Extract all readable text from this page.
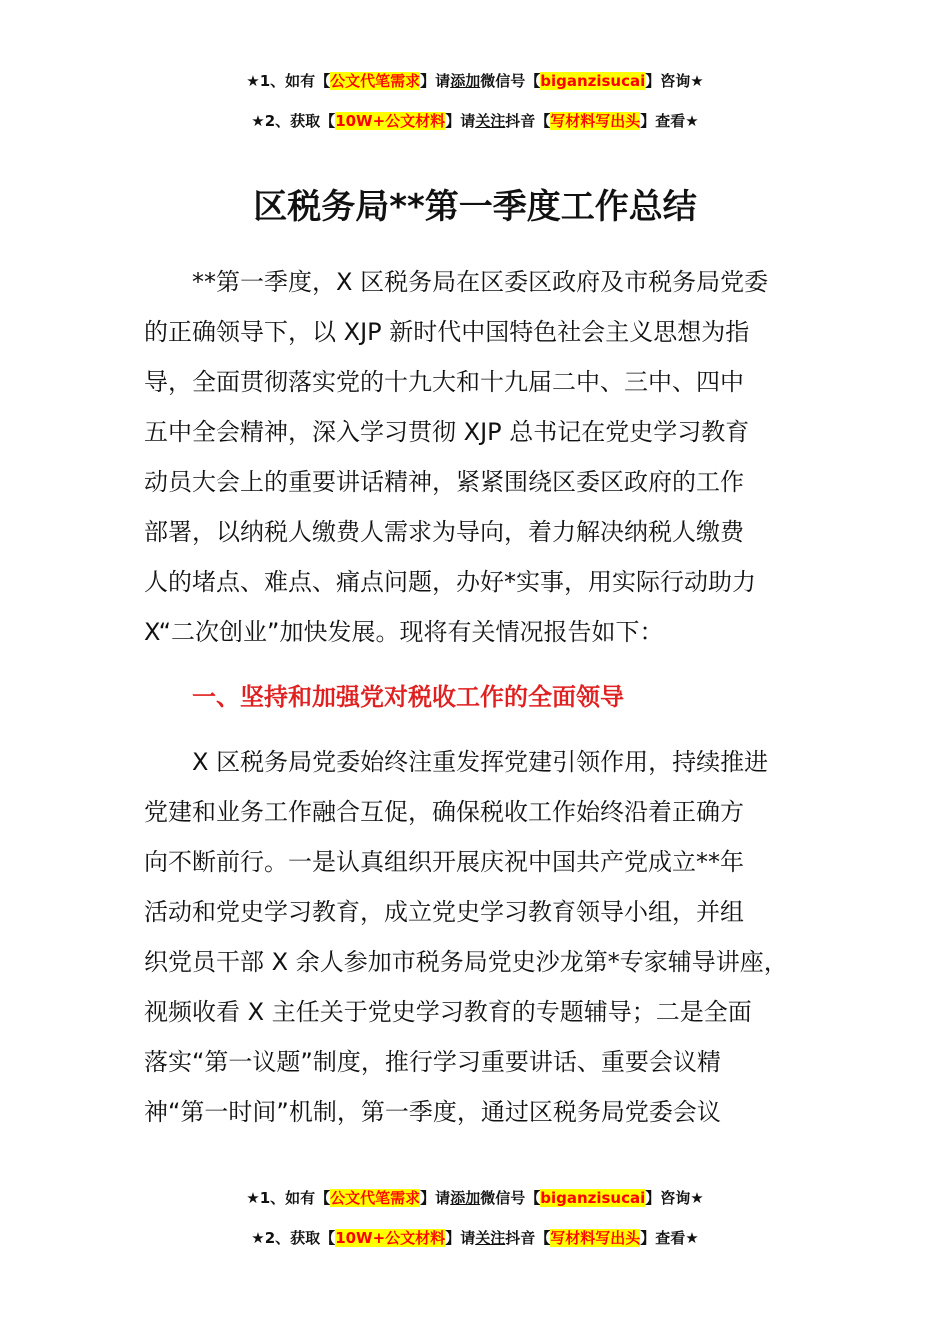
★1、如有【公文代笔需求】请添加微信号【biganzisucai】咨询★
★2、获取【10W+公文材料】请关注抖音【写材料写出头】查看★
区税务局**第一季度工作总结
**第一季度，X 区税务局在区委区政府及市税务局党委
的正确领导下，以 XJP 新时代中国特色社会主义思想为指
导，全面贯彻落实党的十九大和十九届二中、三中、四中
五中全会精神，深入学习贯彻 XJP 总书记在党史学习教育
动员大会上的重要讲话精神，紧紧围绕区委区政府的工作
部署，以纳税人缴费人需求为导向，着力解决纳税人缴费
人的堵点、难点、痛点问题，办好*实事，用实际行动助力
X“二次创业”加快发展。现将有关情况报告如下：
一、坚持和加强党对税收工作的全面领导
X 区税务局党委始终注重发挥党建引领作用，持续推进
党建和业务工作融合互促，确保税收工作始终沿着正确方
向不断前行。一是认真组织开展庆祝中国共产党成立**年
活动和党史学习教育，成立党史学习教育领导小组，并组
织党员干部 X 余人参加市税务局党史沙龙第*专家辅导讲座，
视频收看 X 主任关于党史学习教育的专题辅导；二是全面
落实“第一议题”制度，推行学习重要讲话、重要会议精
神“第一时间”机制，第一季度，通过区税务局党委会议
★1、如有【公文代笔需求】请添加微信号【biganzisucai】咨询★
★2、获取【10W+公文材料】请关注抖音【写材料写出头】查看★
